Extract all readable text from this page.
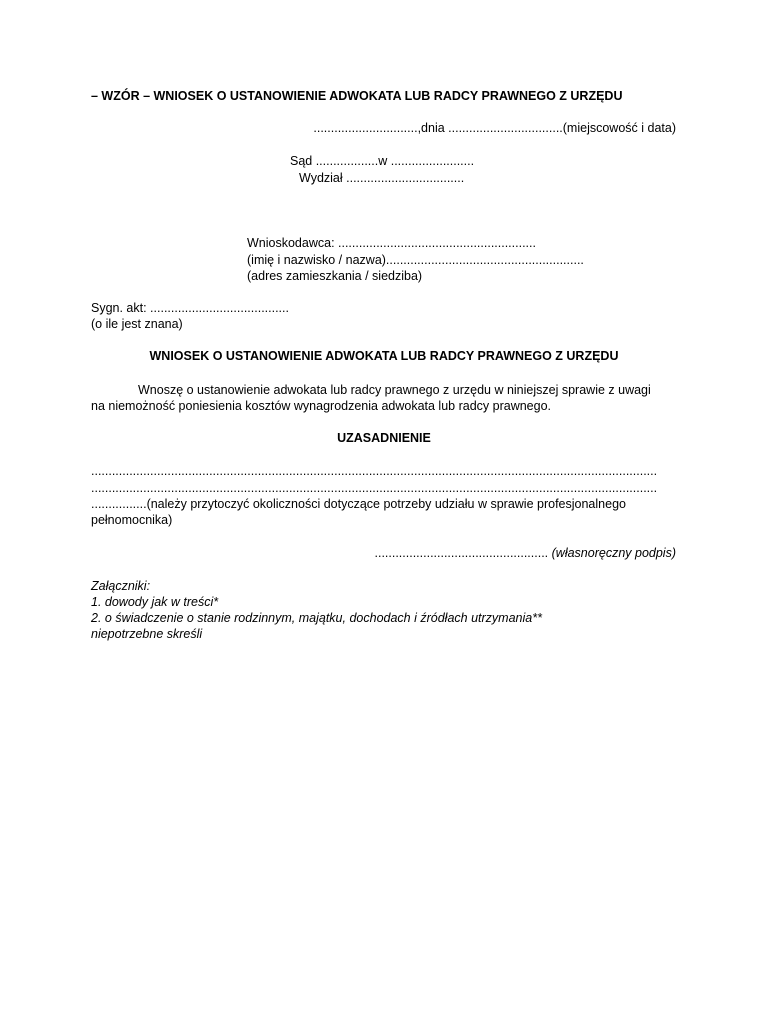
– WZÓR – WNIOSEK O USTANOWIENIE ADWOKATA LUB RADCY PRAWNEGO Z URZĘDU
..............................,dnia .................................(miejscowość i data)
Sąd ..................w ........................
Wydział ..................................
Wnioskodawca: .........................................................
(imię i nazwisko / nazwa).........................................................
(adres zamieszkania / siedziba)
Sygn. akt: ........................................
(o ile jest znana)
WNIOSEK O USTANOWIENIE ADWOKATA LUB RADCY PRAWNEGO Z URZĘDU
Wnoszę o ustanowienie adwokata lub radcy prawnego z urzędu w niniejszej sprawie z uwagi
na niemożność poniesienia kosztów wynagrodzenia adwokata lub radcy prawnego.
UZASADNIENIE
...................................................................................................................................................................
...................................................................................................................................................................
................(należy przytoczyć okoliczności dotyczące potrzeby udziału w sprawie profesjonalnego
pełnomocnika)
.................................................. (własnoręczny podpis)
Załączniki:
1. dowody jak w treści*
2. o świadczenie o stanie rodzinnym, majątku, dochodach i źródłach utrzymania**
niepotrzebne skreśli
